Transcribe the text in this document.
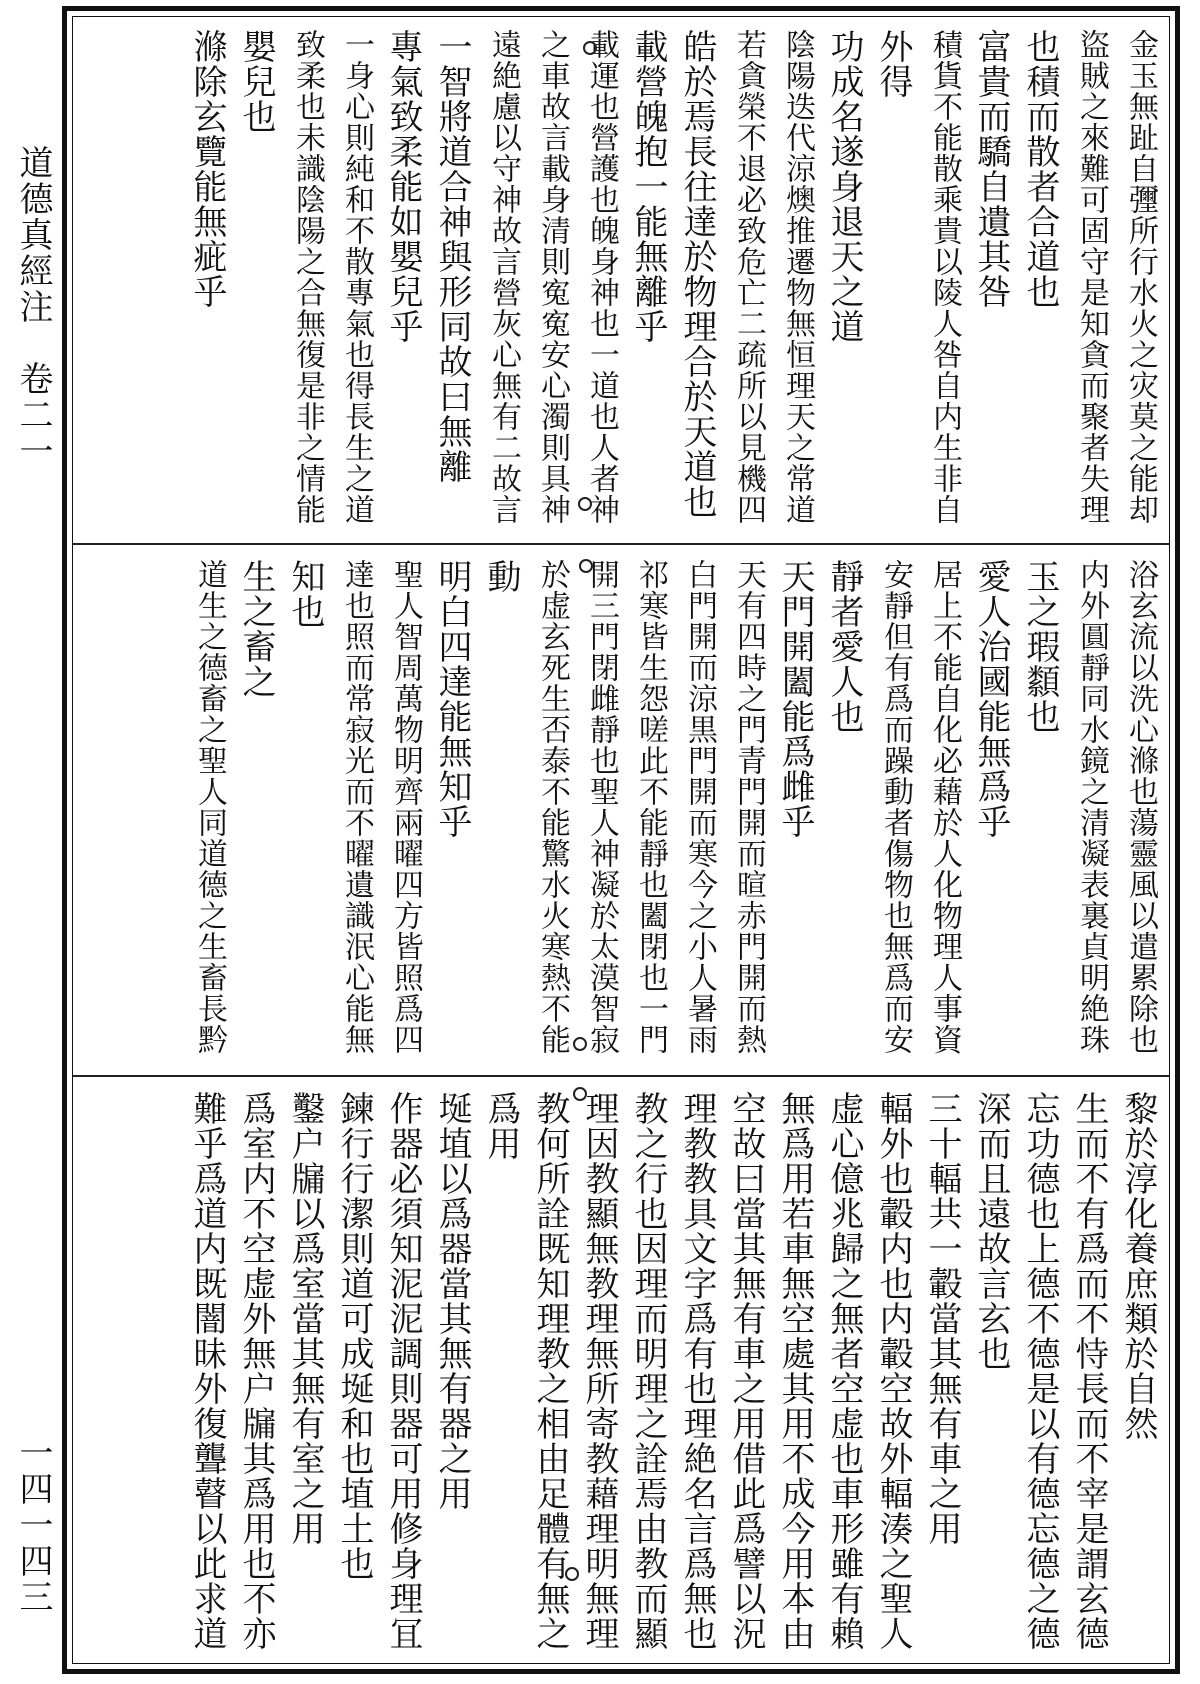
道德真經注　卷二一
一四一四三
金玉無趾自㣆所行水火之灾莫之能却
盜賊之來難可固守是知貪而聚者失理
也積而散者合道也
富貴而驕自遺其咎
積貨不能散乘貴以陵人咎自内生非自
外得
功成名遂身退天之道
陰陽迭代涼燠推遷物無恒理天之常道
若貪榮不退必致危亡二疏所以見機四
皓於焉長往達於物理合於天道也
載營魄抱一能無離乎
載運也營護也魄身神也一道也人者神
之車故言載身清則寃寃安心濁則具神
遠絶慮以守神故言營灰心無有二故言
一智將道合神與形同故曰無離
專氣致柔能如嬰兒乎
一身心則純和不散專氣也得長生之道
致柔也未識陰陽之合無復是非之情能
嬰兒也
滌除玄覽能無疵乎
浴玄流以洗心滌也蕩靈風以遣累除也
内外圓靜同水鏡之清凝表裏貞明絶珠
玉之瑕纇也
愛人治國能無爲乎
居上不能自化必藉於人化物理人事資
安靜但有爲而躁動者傷物也無爲而安
靜者愛人也
天門開闔能爲雌乎
天有四時之門青門開而暄赤門開而熱
白門開而涼黒門開而寒今之小人暑雨
祁寒皆生怨嗟此不能靜也闔閉也一門
開三門閉雌靜也聖人神凝於太漠智寂
於虚玄死生否泰不能驚水火寒熱不能
動
明白四達能無知乎
聖人智周萬物明齊兩曜四方皆照爲四
達也照而常寂光而不曜遺識泯心能無
知也
生之畜之
道生之德畜之聖人同道德之生畜長黔
黎於淳化養庶類於自然
生而不有爲而不恃長而不宰是謂玄德
忘功德也上德不德是以有德忘德之德
深而且遠故言玄也
三十輻共一轂當其無有車之用
輻外也轂内也内轂空故外輻湊之聖人
虚心億兆歸之無者空虚也車形雖有賴
無爲用若車無空處其用不成今用本由
空故曰當其無有車之用借此爲譬以況
理教教具文字爲有也理絶名言爲無也
教之行也因理而明理之詮焉由教而顯
理因教顯無教理無所寄教藉理明無理
教何所詮既知理教之相由足體有無之
爲用
埏埴以爲器當其無有器之用
作器必須知泥泥調則器可用修身理冝
鍊行行潔則道可成埏和也埴土也
鑿户牖以爲室當其無有室之用
爲室内不空虚外無户牖其爲用也不亦
難乎爲道内既闇昧外復聾瞽以此求道
